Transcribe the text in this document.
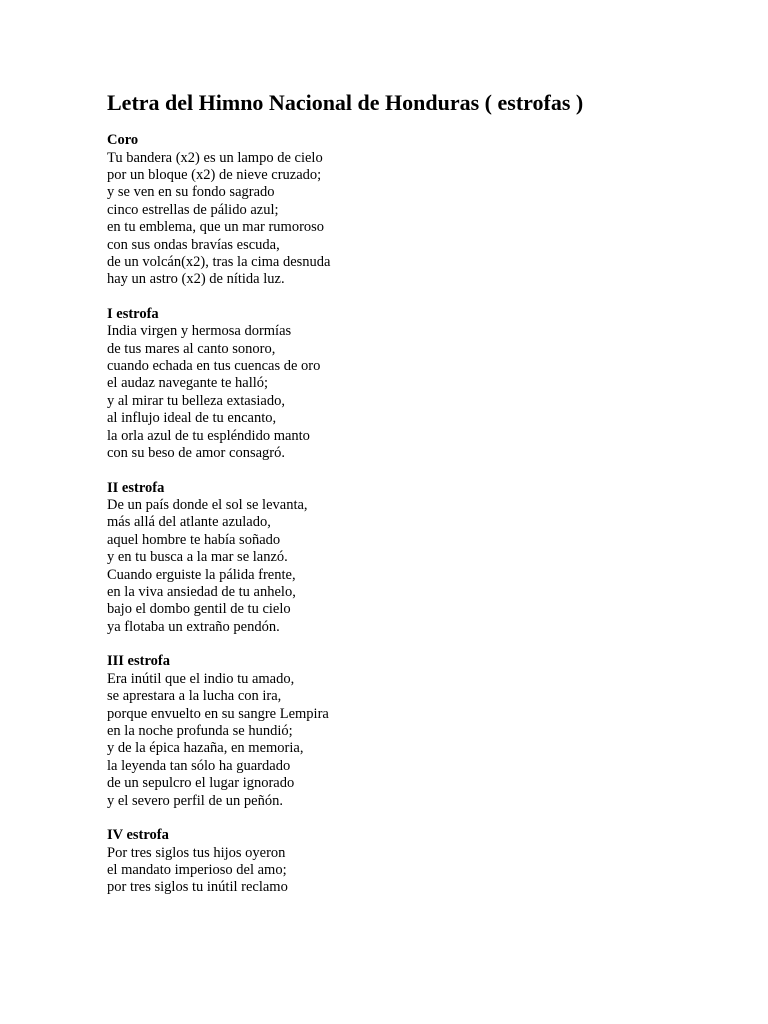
Letra del Himno Nacional de Honduras ( estrofas )
Coro
Tu bandera (x2) es un lampo de cielo
por un bloque (x2) de nieve cruzado;
y se ven en su fondo sagrado
cinco estrellas de pálido azul;
en tu emblema, que un mar rumoroso
con sus ondas bravías escuda,
de un volcán(x2), tras la cima desnuda
hay un astro (x2) de nítida luz.
I estrofa
India virgen y hermosa dormías
de tus mares al canto sonoro,
cuando echada en tus cuencas de oro
el audaz navegante te halló;
y al mirar tu belleza extasiado,
al influjo ideal de tu encanto,
la orla azul de tu espléndido manto
con su beso de amor consagró.
II estrofa
De un país donde el sol se levanta,
más allá del atlante azulado,
aquel hombre te había soñado
y en tu busca a la mar se lanzó.
Cuando erguiste la pálida frente,
en la viva ansiedad de tu anhelo,
bajo el dombo gentil de tu cielo
ya flotaba un extraño pendón.
III estrofa
Era inútil que el indio tu amado,
se aprestara a la lucha con ira,
porque envuelto en su sangre Lempira
en la noche profunda se hundió;
y de la épica hazaña, en memoria,
la leyenda tan sólo ha guardado
de un sepulcro el lugar ignorado
y el severo perfil de un peñón.
IV estrofa
Por tres siglos tus hijos oyeron
el mandato imperioso del amo;
por tres siglos tu inútil reclamo
